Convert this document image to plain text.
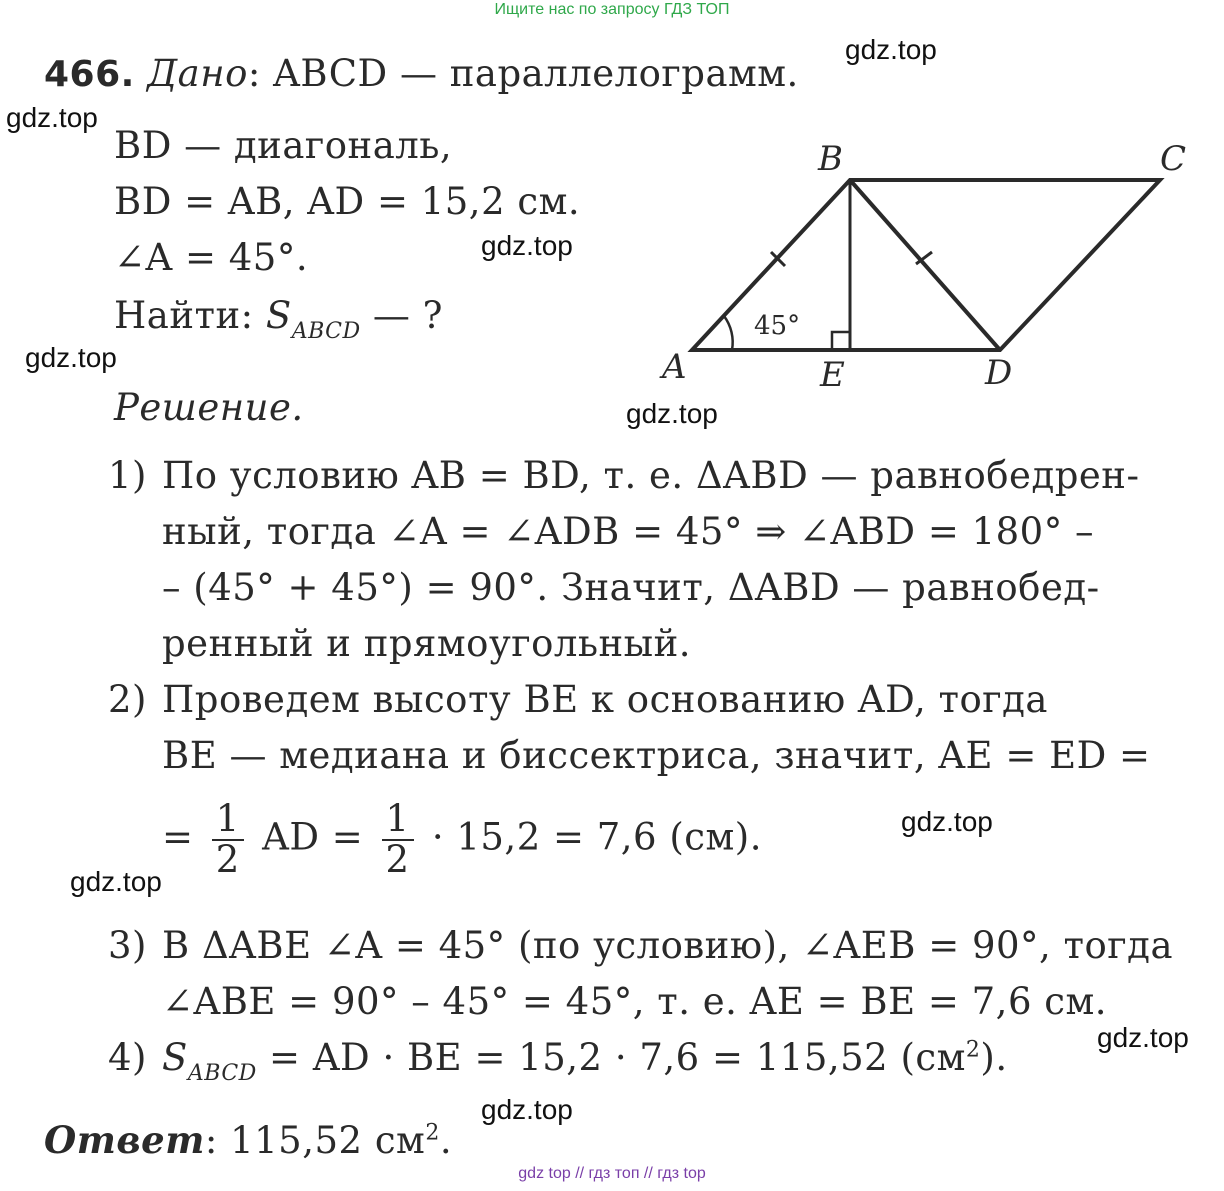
Ищите нас по запросу ГДЗ ТОП
gdz top // гдз топ // гдз top
466. Дано: ABCD — параллелограмм.
BD — диагональ,
BD = AB, AD = 15,2 см.
∠A = 45°.
Найти: $S_{ABCD}$ — ?	45°
A
B	C
D
E
Решение.
1) По условию AB = BD, т. е. ΔABD — равнобедрен-
ный, тогда ∠A = ∠ADB = 45° ⇒ ∠ABD = 180° –
– (45° + 45°) = 90°. Значит, ΔABD — равнобед-
ренный и прямоугольный.
2) Проведем высоту BE к основанию AD, тогда
BE — медиана и биссектриса, значит, AE = ED =
= $\frac{1}{2}$ AD = $\frac{1}{2} \cdot 15,2 = 7,6$ (см).
3) В ΔABE ∠A = 45° (по условию), ∠AEB = 90°, тогда
∠ABE = 90° – 45° = 45°, т. е. AE = BE = 7,6 см.
4) $S_{ABCD}$ = AD · BE = 15,2 · 7,6 = 115,52 $(см^2)$.
Ответ: 115,52 $см^2$.
gdz.top
gdz.top
gdz.top
gdz.top
gdz.top
gdz.top
gdz.top
gdz.top
gdz.top
